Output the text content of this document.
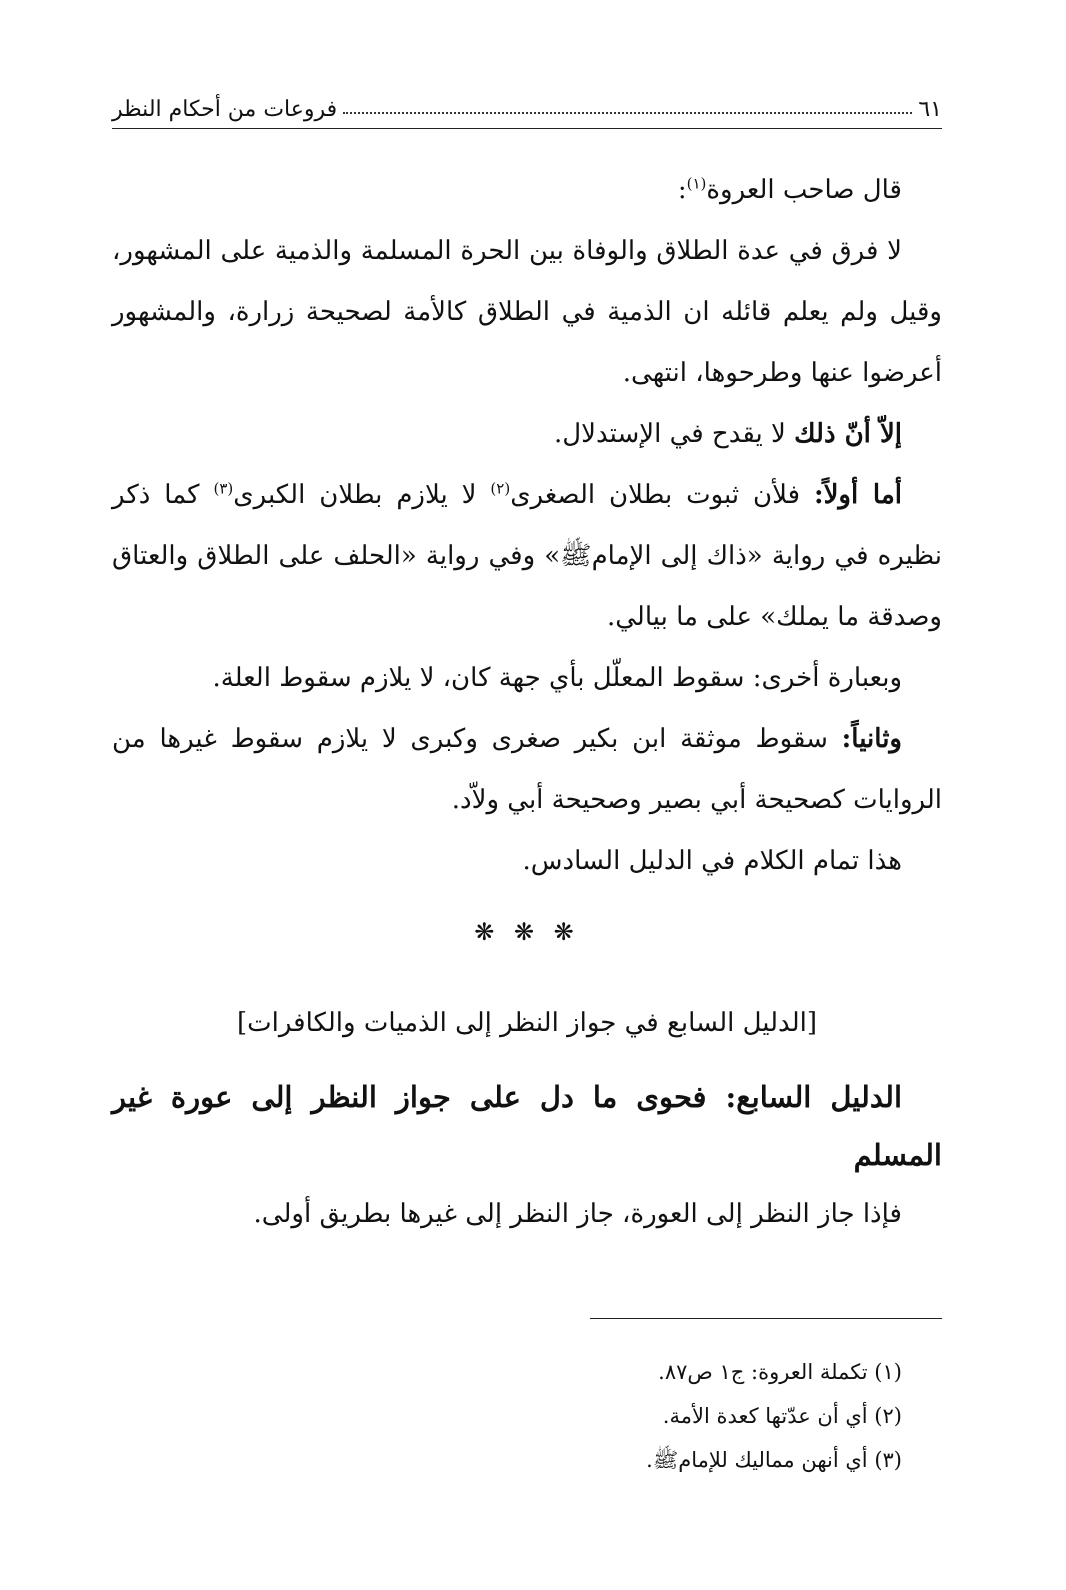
٦١
فروعات من أحكام النظر

قال صاحب العروة$^{(١)}$:

لا فرق في عدة الطلاق والوفاة بين الحرة المسلمة والذمية على المشهور، وقيل ولم يعلم قائله ان الذمية في الطلاق كالأمة لصحيحة زرارة، والمشهور أعرضوا عنها وطرحوها، انتهى.

إلاّ أنّ ذلك لا يقدح في الإستدلال.

أما أولاً: فلأن ثبوت بطلان الصغرى$^{(٢)}$ لا يلازم بطلان الكبرى$^{(٣)}$ كما ذكر نظيره في رواية «ذاك إلى الإمامﷺ» وفي رواية «الحلف على الطلاق والعتاق وصدقة ما يملك» على ما بيالي.

وبعبارة أخرى: سقوط المعلّل بأي جهة كان، لا يلازم سقوط العلة.

وثانياً: سقوط موثقة ابن بكير صغرى وكبرى لا يلازم سقوط غيرها من الروايات كصحيحة أبي بصير وصحيحة أبي ولاّد.

هذا تمام الكلام في الدليل السادس.

❋ ❋ ❋
[الدليل السابع في جواز النظر إلى الذميات والكافرات]

الدليل السابع: فحوى ما دل على جواز النظر إلى عورة غير المسلم

فإذا جاز النظر إلى العورة، جاز النظر إلى غيرها بطريق أولى.

(١) تكملة العروة: ج١ ص٨٧.
(٢) أي أن عدّتها كعدة الأمة.
(٣) أي أنهن مماليك للإمامﷺ.
